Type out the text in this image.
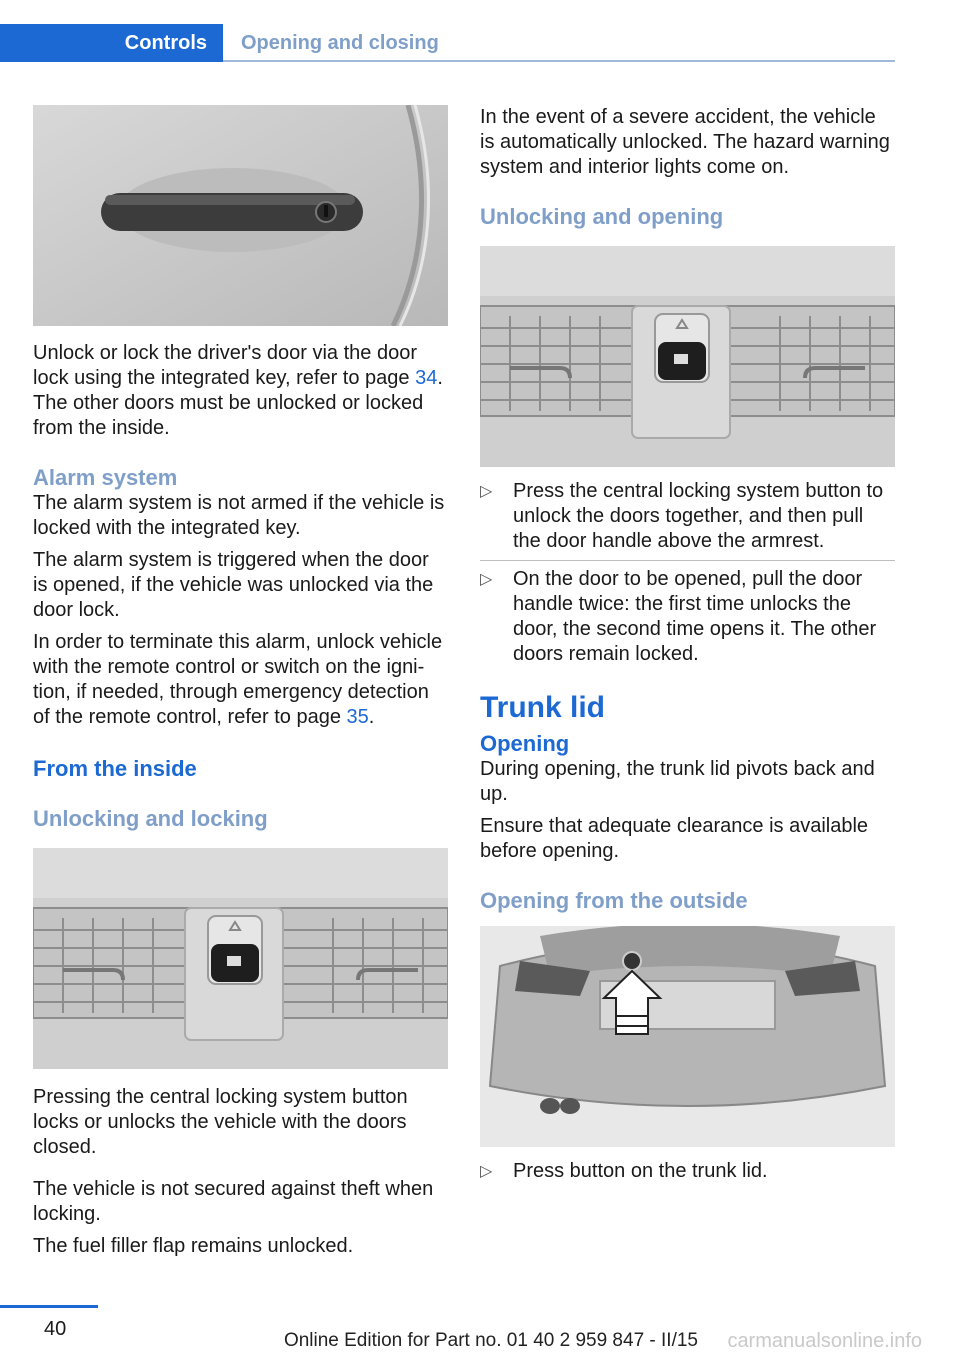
Controls	Opening and closing

Unlock or lock the driver's door via the door lock using the integrated key, refer to page 34. The other doors must be unlocked or locked from the inside.

Alarm system

The alarm system is not armed if the vehicle is locked with the integrated key.

The alarm system is triggered when the door is opened, if the vehicle was unlocked via the door lock.

In order to terminate this alarm, unlock vehicle with the remote control or switch on the igni‐ tion, if needed, through emergency detection of the remote control, refer to page 35.

From the inside
Unlocking and locking

Pressing the central locking system button locks or unlocks the vehicle with the doors closed.

The vehicle is not secured against theft when locking.

The fuel filler flap remains unlocked.

In the event of a severe accident, the vehicle is automatically unlocked. The hazard warning system and interior lights come on.

Unlocking and opening
▷ Press the central locking system button to unlock the doors together, and then pull the door handle above the armrest.
▷ On the door to be opened, pull the door handle twice: the first time unlocks the door, the second time opens it. The other doors remain locked.
Trunk lid
Opening

During opening, the trunk lid pivots back and up.

Ensure that adequate clearance is available before opening.

Opening from the outside
▷ Press button on the trunk lid.
40
Online Edition for Part no. 01 40 2 959 847 - II/15 carmanualsonline.info
